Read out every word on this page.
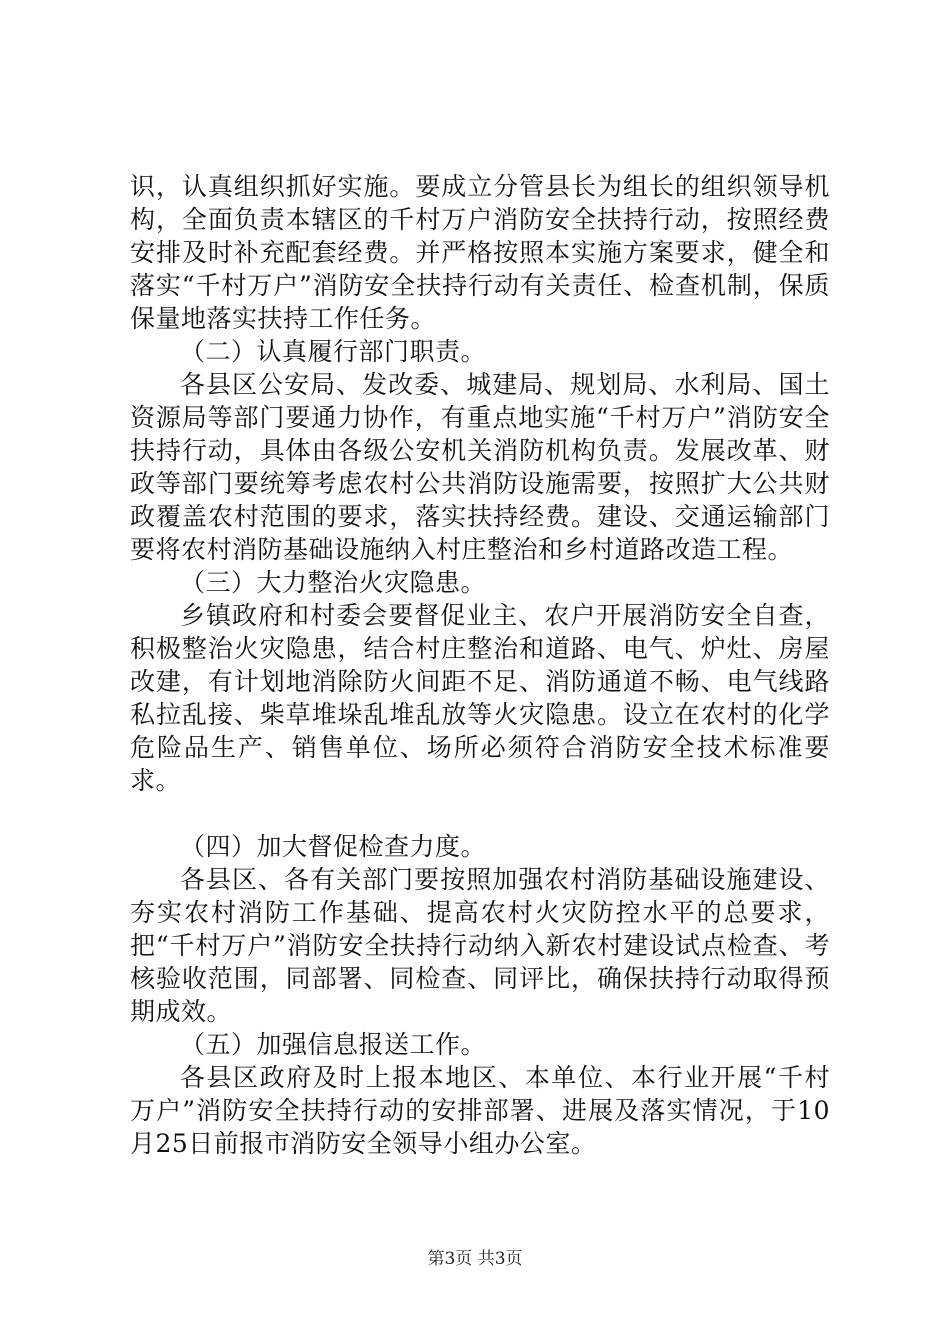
识，认真组织抓好实施。要成立分管县长为组长的组织领导机构，全面负责本辖区的千村万户消防安全扶持行动，按照经费安排及时补充配套经费。并严格按照本实施方案要求，健全和落实“千村万户”消防安全扶持行动有关责任、检查机制，保质保量地落实扶持工作任务。

（二）认真履行部门职责。

各县区公安局、发改委、城建局、规划局、水利局、国土资源局等部门要通力协作，有重点地实施“千村万户”消防安全扶持行动，具体由各级公安机关消防机构负责。发展改革、财政等部门要统筹考虑农村公共消防设施需要，按照扩大公共财政覆盖农村范围的要求，落实扶持经费。建设、交通运输部门要将农村消防基础设施纳入村庄整治和乡村道路改造工程。

（三）大力整治火灾隐患。

乡镇政府和村委会要督促业主、农户开展消防安全自查，积极整治火灾隐患，结合村庄整治和道路、电气、炉灶、房屋改建，有计划地消除防火间距不足、消防通道不畅、电气线路私拉乱接、柴草堆垛乱堆乱放等火灾隐患。设立在农村的化学危险品生产、销售单位、场所必须符合消防安全技术标准要求。

（四）加大督促检查力度。

各县区、各有关部门要按照加强农村消防基础设施建设、夯实农村消防工作基础、提高农村火灾防控水平的总要求，把“千村万户”消防安全扶持行动纳入新农村建设试点检查、考核验收范围，同部署、同检查、同评比，确保扶持行动取得预期成效。

（五）加强信息报送工作。

各县区政府及时上报本地区、本单位、本行业开展“千村万户”消防安全扶持行动的安排部署、进展及落实情况，于10月25日前报市消防安全领导小组办公室。

第3页 共3页
